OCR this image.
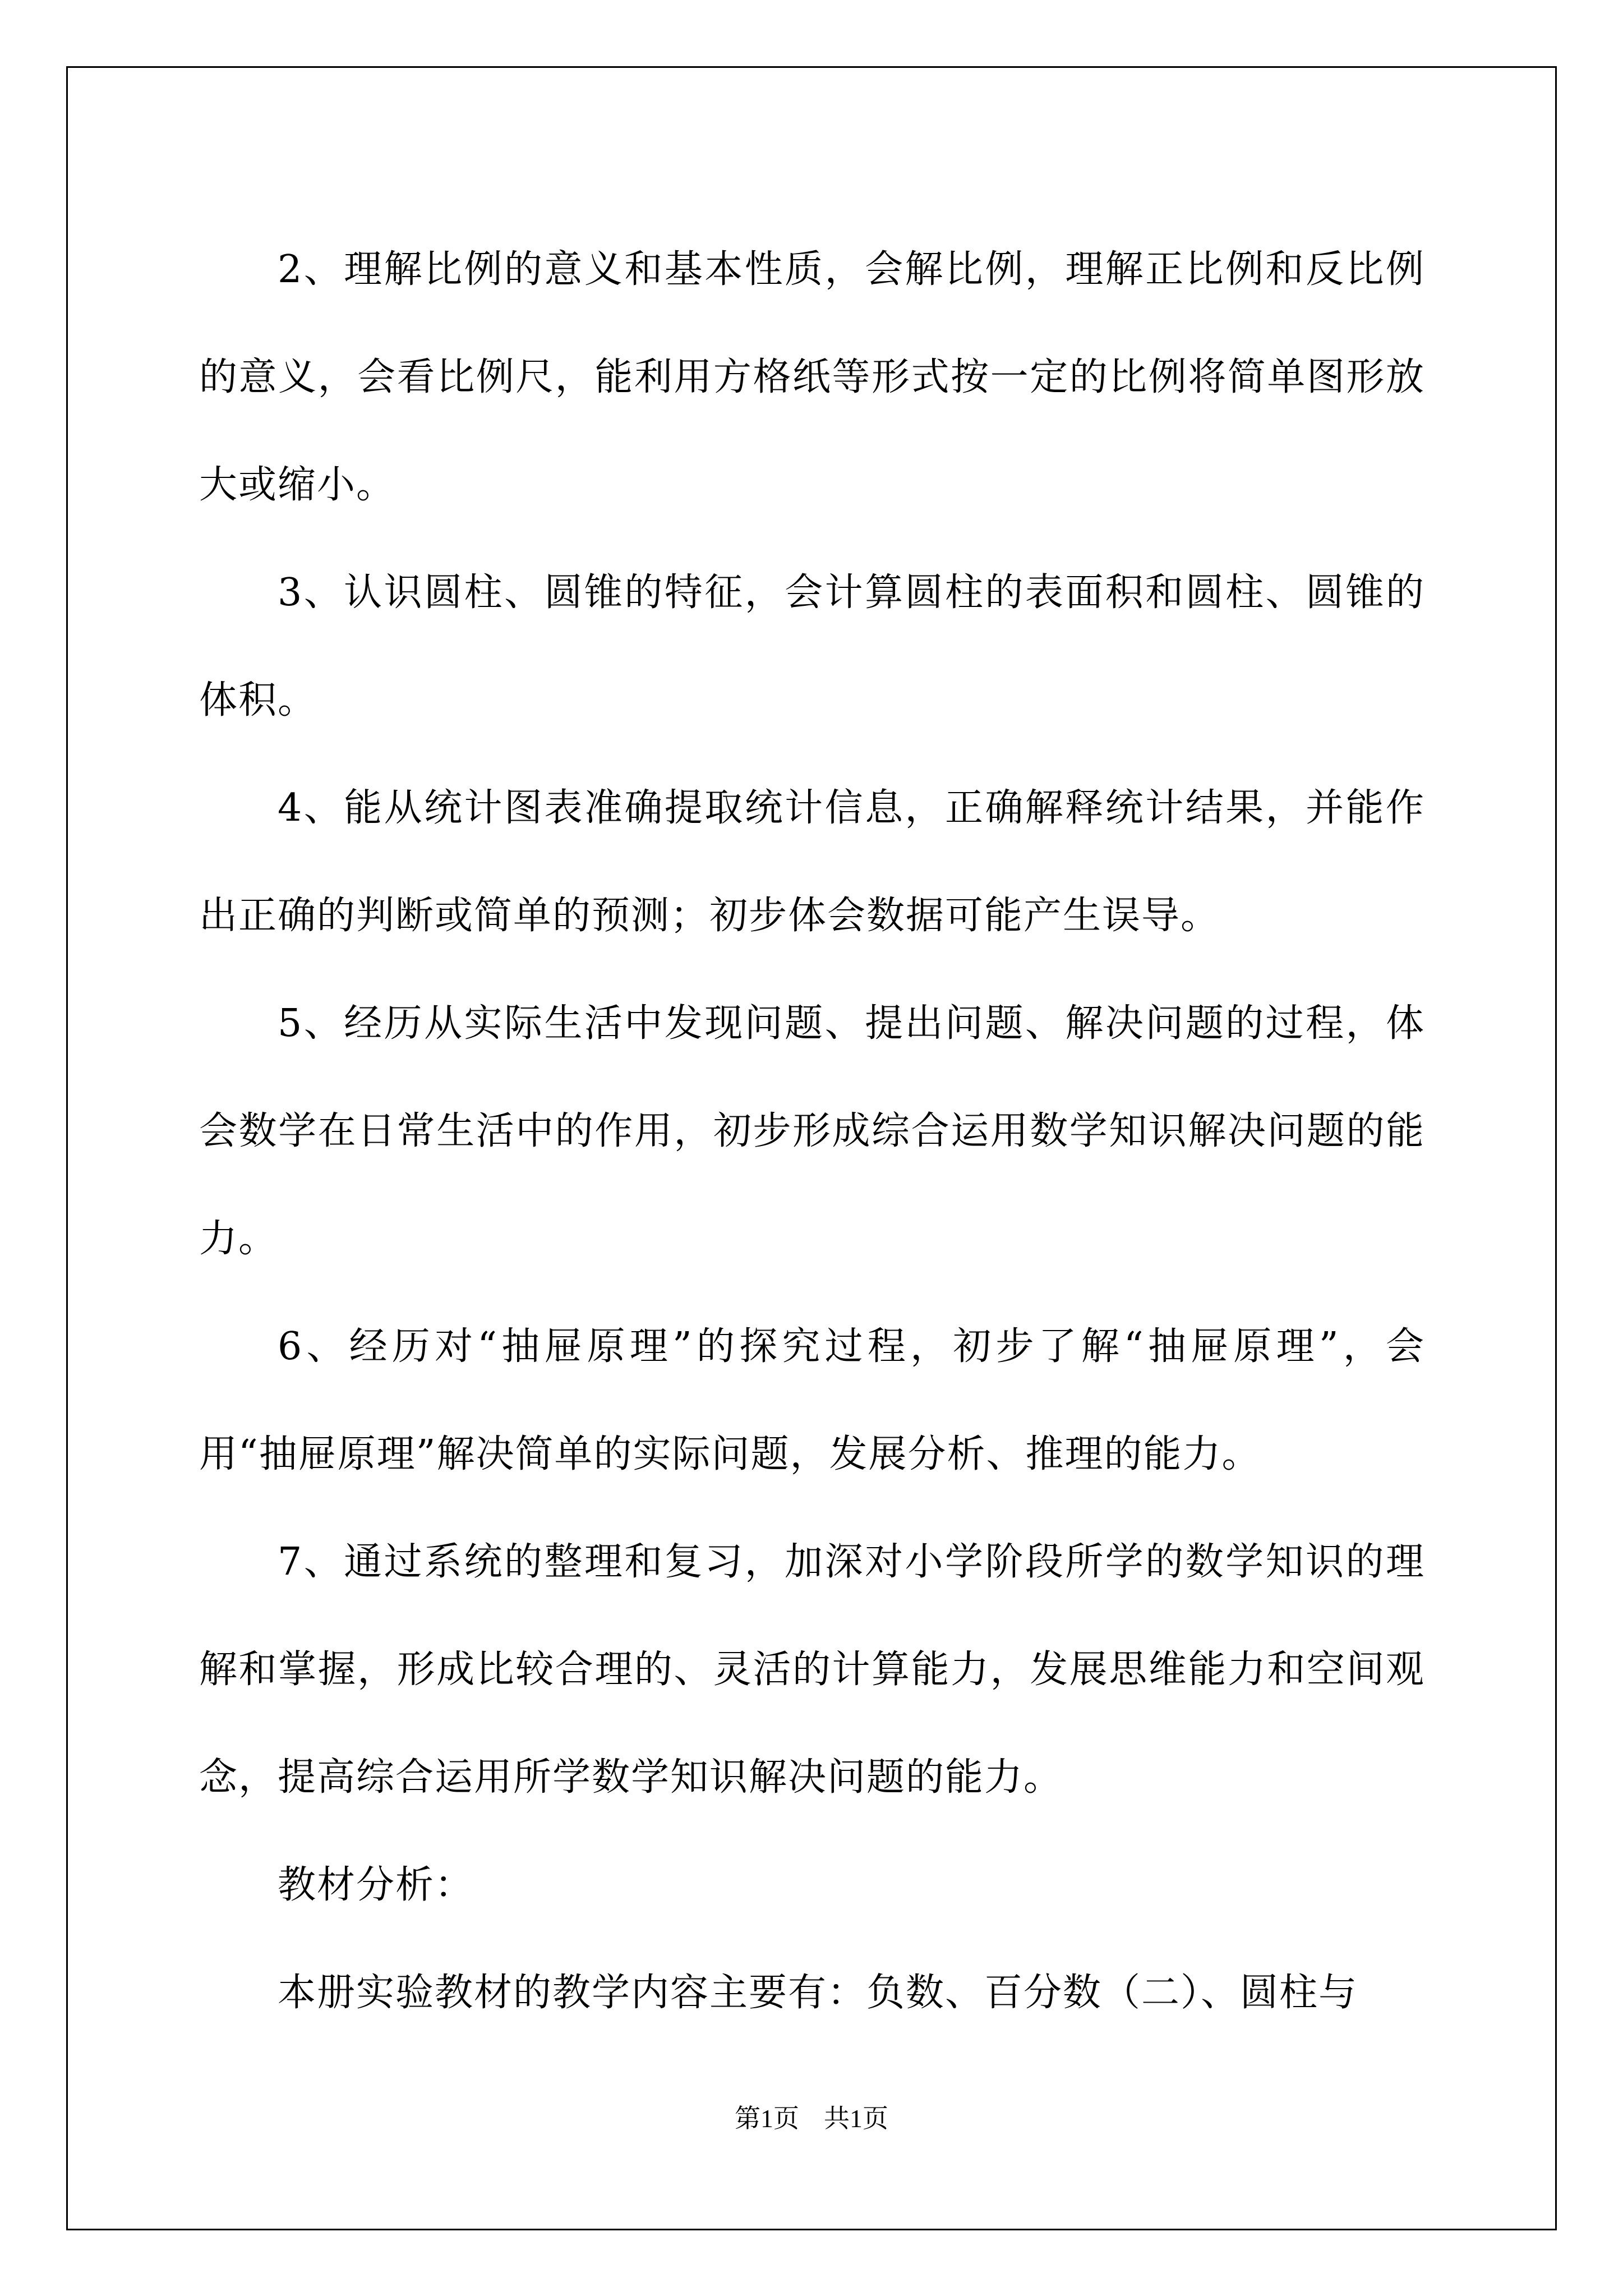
2、理解比例的意义和基本性质，会解比例，理解正比例和反比例的意义，会看比例尺，能利用方格纸等形式按一定的比例将简单图形放大或缩小。

3、认识圆柱、圆锥的特征，会计算圆柱的表面积和圆柱、圆锥的体积。

4、能从统计图表准确提取统计信息，正确解释统计结果，并能作出正确的判断或简单的预测；初步体会数据可能产生误导。

5、经历从实际生活中发现问题、提出问题、解决问题的过程，体会数学在日常生活中的作用，初步形成综合运用数学知识解决问题的能力。

6、经历对“抽屉原理”的探究过程，初步了解“抽屉原理”，会用“抽屉原理”解决简单的实际问题，发展分析、推理的能力。

7、通过系统的整理和复习，加深对小学阶段所学的数学知识的理解和掌握，形成比较合理的、灵活的计算能力，发展思维能力和空间观念，提高综合运用所学数学知识解决问题的能力。

教材分析：

本册实验教材的教学内容主要有：负数、百分数（二）、圆柱与

第1页 共1页
